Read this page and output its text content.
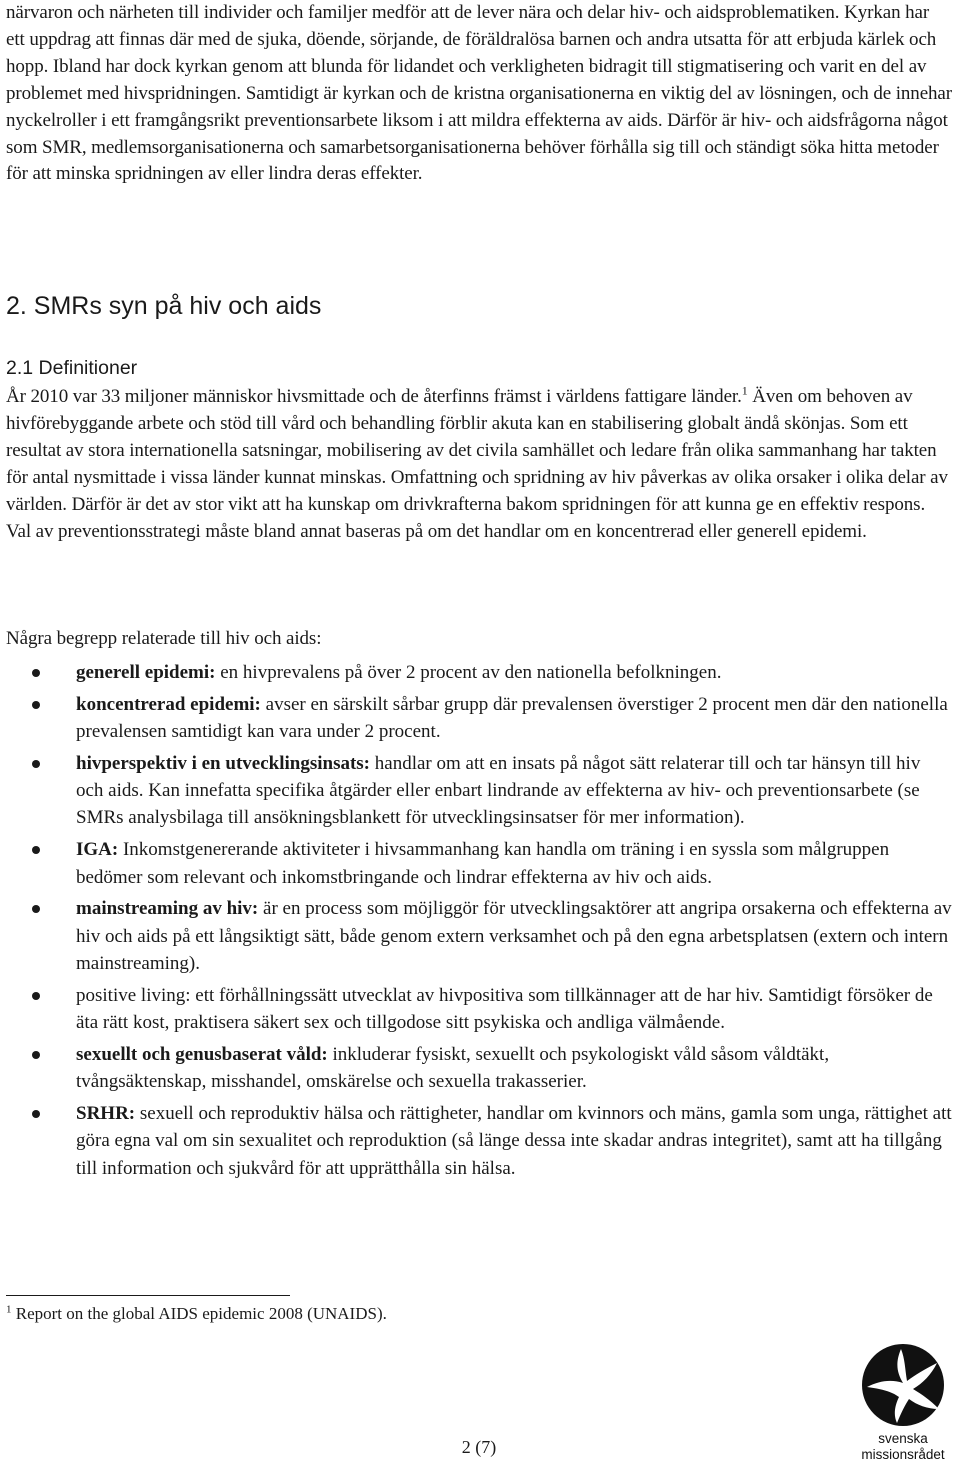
närvaron och närheten till individer och familjer medför att de lever nära och delar hiv- och aidsproblematiken. Kyrkan har ett uppdrag att finnas där med de sjuka, döende, sörjande, de föräldralösa barnen och andra utsatta för att erbjuda kärlek och hopp. Ibland har dock kyrkan genom att blunda för lidandet och verkligheten bidragit till stigmatisering och varit en del av problemet med hivspridningen. Samtidigt är kyrkan och de kristna organisationerna en viktig del av lösningen, och de innehar nyckelroller i ett framgångsrikt preventionsarbete liksom i att mildra effekterna av aids. Därför är hiv- och aidsfrågorna något som SMR, medlemsorganisationerna och samarbetsorganisationerna behöver förhålla sig till och ständigt söka hitta metoder för att minska spridningen av eller lindra deras effekter.

2. SMRs syn på hiv och aids
2.1 Definitioner

År 2010 var 33 miljoner människor hivsmittade och de återfinns främst i världens fattigare länder.$^1$ Även om behoven av hivförebyggande arbete och stöd till vård och behandling förblir akuta kan en stabilisering globalt ändå skönjas. Som ett resultat av stora internationella satsningar, mobilisering av det civila samhället och ledare från olika sammanhang har takten för antal nysmittade i vissa länder kunnat minskas. Omfattning och spridning av hiv påverkas av olika orsaker i olika delar av världen. Därför är det av stor vikt att ha kunskap om drivkrafterna bakom spridningen för att kunna ge en effektiv respons. Val av preventionsstrategi måste bland annat baseras på om det handlar om en koncentrerad eller generell epidemi.

Några begrepp relaterade till hiv och aids:

generell epidemi: en hivprevalens på över 2 procent av den nationella befolkningen.
koncentrerad epidemi: avser en särskilt sårbar grupp där prevalensen överstiger 2 procent men där den nationella prevalensen samtidigt kan vara under 2 procent.
hivperspektiv i en utvecklingsinsats: handlar om att en insats på något sätt relaterar till och tar hänsyn till hiv och aids. Kan innefatta specifika åtgärder eller enbart lindrande av effekterna av hiv- och preventionsarbete (se SMRs analysbilaga till ansökningsblankett för utvecklingsinsatser för mer information).
IGA: Inkomstgenererande aktiviteter i hivsammanhang kan handla om träning i en syssla som målgruppen bedömer som relevant och inkomstbringande och lindrar effekterna av hiv och aids.
mainstreaming av hiv: är en process som möjliggör för utvecklingsaktörer att angripa orsakerna och effekterna av hiv och aids på ett långsiktigt sätt, både genom extern verksamhet och på den egna arbetsplatsen (extern och intern mainstreaming).
positive living: ett förhållningssätt utvecklat av hivpositiva som tillkännager att de har hiv. Samtidigt försöker de äta rätt kost, praktisera säkert sex och tillgodose sitt psykiska och andliga välmående.
sexuellt och genusbaserat våld: inkluderar fysiskt, sexuellt och psykologiskt våld såsom våldtäkt, tvångsäktenskap, misshandel, omskärelse och sexuella trakasserier.
SRHR: sexuell och reproduktiv hälsa och rättigheter, handlar om kvinnors och mäns, gamla som unga, rättighet att göra egna val om sin sexualitet och reproduktion (så länge dessa inte skadar andras integritet), samt att ha tillgång till information och sjukvård för att upprätthålla sin hälsa.

$^1$ Report on the global AIDS epidemic 2008 (UNAIDS).

2 (7)	svenska
missionsrådet
